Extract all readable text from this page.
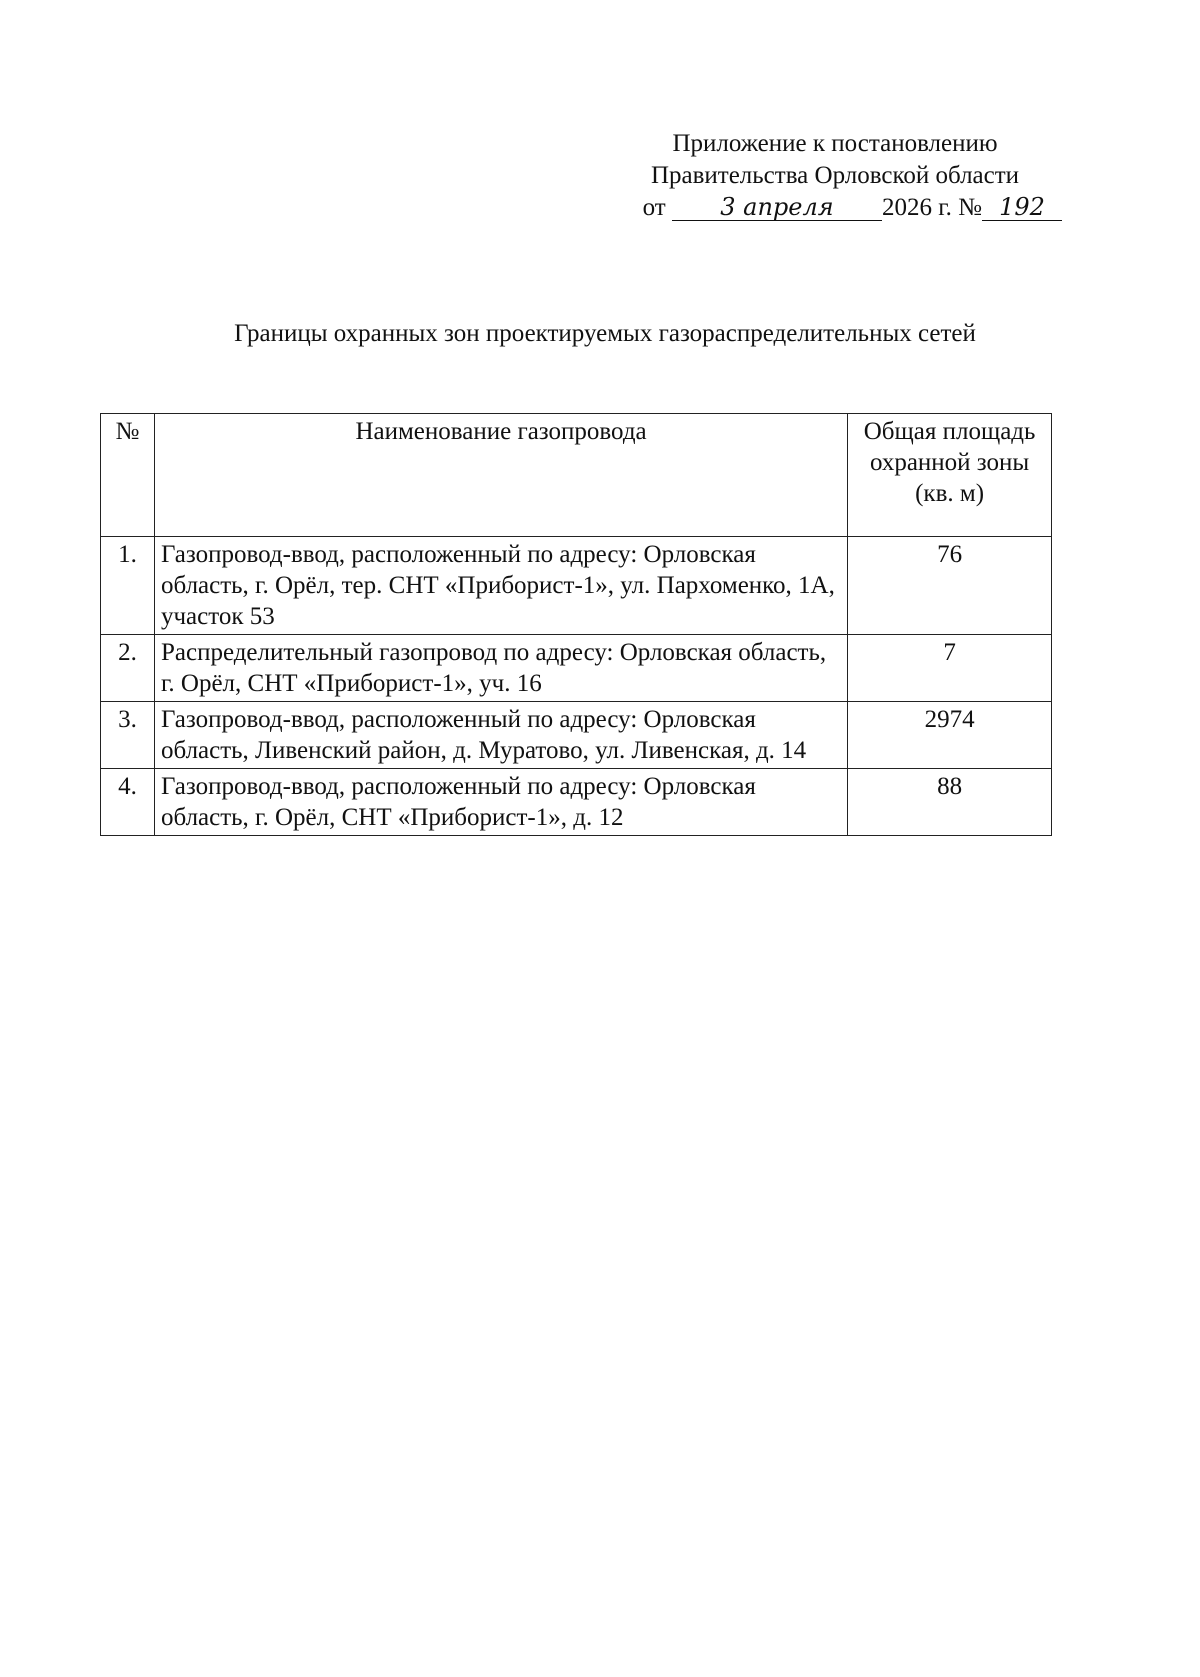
Приложение к постановлению
Правительства Орловской области
от 3 апреля 2026 г. № 192
Границы охранных зон проектируемых газораспределительных сетей
№	Наименование газопровода	Общая площадь охранной зоны (кв. м)
1.	Газопровод-ввод, расположенный по адресу: Орловская область, г. Орёл, тер. СНТ «Приборист-1», ул. Пархоменко, 1А, участок 53	76
2.	Распределительный газопровод по адресу: Орловская область, г. Орёл, СНТ «Приборист-1», уч. 16	7
3.	Газопровод-ввод, расположенный по адресу: Орловская область, Ливенский район, д. Муратово, ул. Ливенская, д. 14	2974
4.	Газопровод-ввод, расположенный по адресу: Орловская область, г. Орёл, СНТ «Приборист-1», д. 12	88
